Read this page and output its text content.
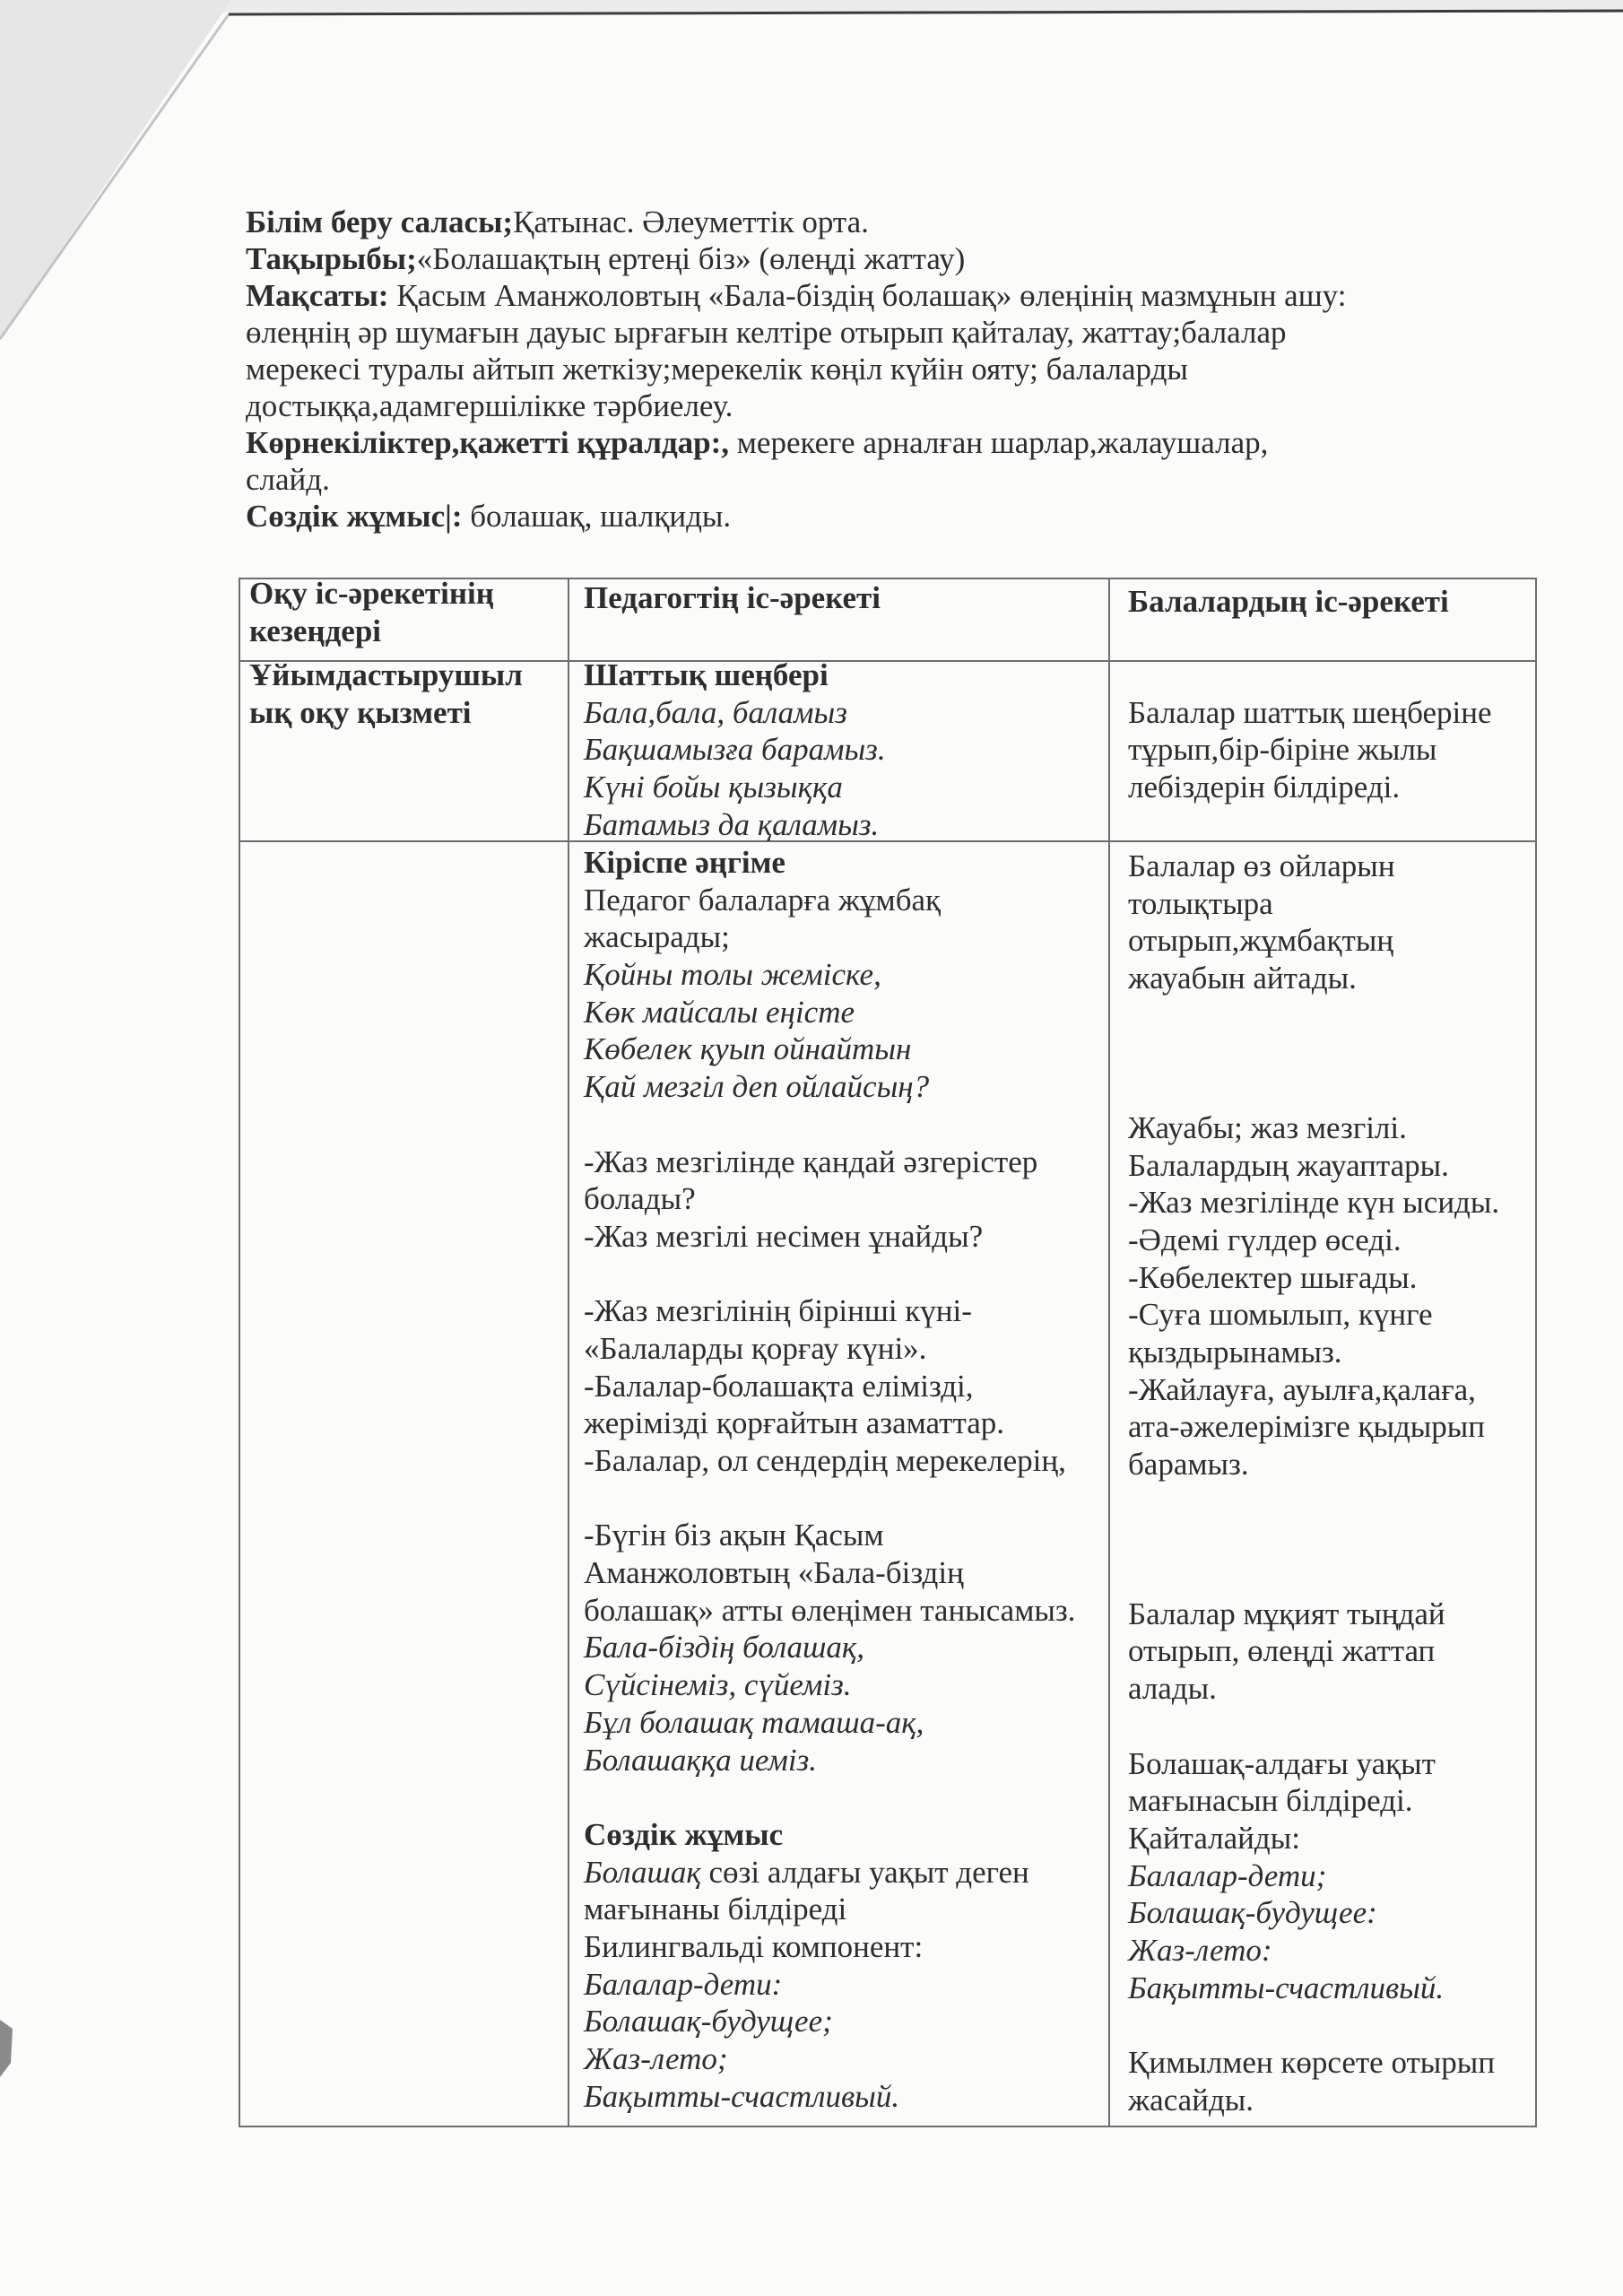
Білім беру саласы;Қатынас. Әлеуметтік орта.
Тақырыбы;«Болашақтың ертеңі біз» (өлеңді жаттау)
Мақсаты: Қасым Аманжоловтың «Бала-біздің болашақ» өлеңінің мазмұнын ашу:
өлеңнің әр шумағын дауыс ырғағын келтіре отырып қайталау, жаттау;балалар
мерекесі туралы айтып жеткізу;мерекелік көңіл күйін ояту; балаларды
достыққа,адамгершілікке тәрбиелеу.
Көрнекіліктер,қажетті құралдар:, мерекеге арналған шарлар,жалаушалар,
слайд.
Сөздік жұмыс|: болашақ, шалқиды.
Оқу іс-әрекетінің
кезеңдері
Педагогтің іс-әрекеті	Балалардың іс-әрекеті
Ұйымдастырушыл
ық оқу қызметі
Шаттық шеңбері
Бала,бала, баламыз
Бақшамызға барамыз.
Күні бойы қызыққа
Батамыз да қаламыз.
Балалар шаттық шеңберіне
тұрып,бір-біріне жылы
лебіздерін білдіреді.
Кіріспе әңгіме
Педагог балаларға жұмбақ
жасырады;
Қойны толы жеміске,
Көк майсалы еңісте
Көбелек қуып ойнайтын
Қай мезгіл деп ойлайсың?
-Жаз мезгілінде қандай әзгерістер
болады?
-Жаз мезгілі несімен ұнайды?
-Жаз мезгілінің бірінші күні-
«Балаларды қорғау күні».
-Балалар-болашақта елімізді,
жерімізді қорғайтын азаматтар.
-Балалар, ол сендердің мерекелерің,
-Бүгін біз ақын Қасым
Аманжоловтың «Бала-біздің
болашақ» атты өлеңімен танысамыз.
Бала-біздің болашақ,
Сүйсінеміз, сүйеміз.
Бұл болашақ тамаша-ақ,
Болашаққа иеміз.
Сөздік жұмыс
Болашақ сөзі алдағы уақыт деген
мағынаны білдіреді
Билингвальді компонент:
Балалар-дети:
Болашақ-будущее;
Жаз-лето;
Бақытты-счастливый.
Балалар өз ойларын
толықтыра
отырып,жұмбақтың
жауабын айтады.
Жауабы; жаз мезгілі.
Балалардың жауаптары.
-Жаз мезгілінде күн ысиды.
-Әдемі гүлдер өседі.
-Көбелектер шығады.
-Суға шомылып, күнге
қыздырынамыз.
-Жайлауға, ауылға,қалаға,
ата-әжелерімізге қыдырып
барамыз.
Балалар мұқият тыңдай
отырып, өлеңді жаттап
алады.
Болашақ-алдағы уақыт
мағынасын білдіреді.
Қайталайды:
Балалар-дети;
Болашақ-будущее:
Жаз-лето:
Бақытты-счастливый.
Қимылмен көрсете отырып
жасайды.
